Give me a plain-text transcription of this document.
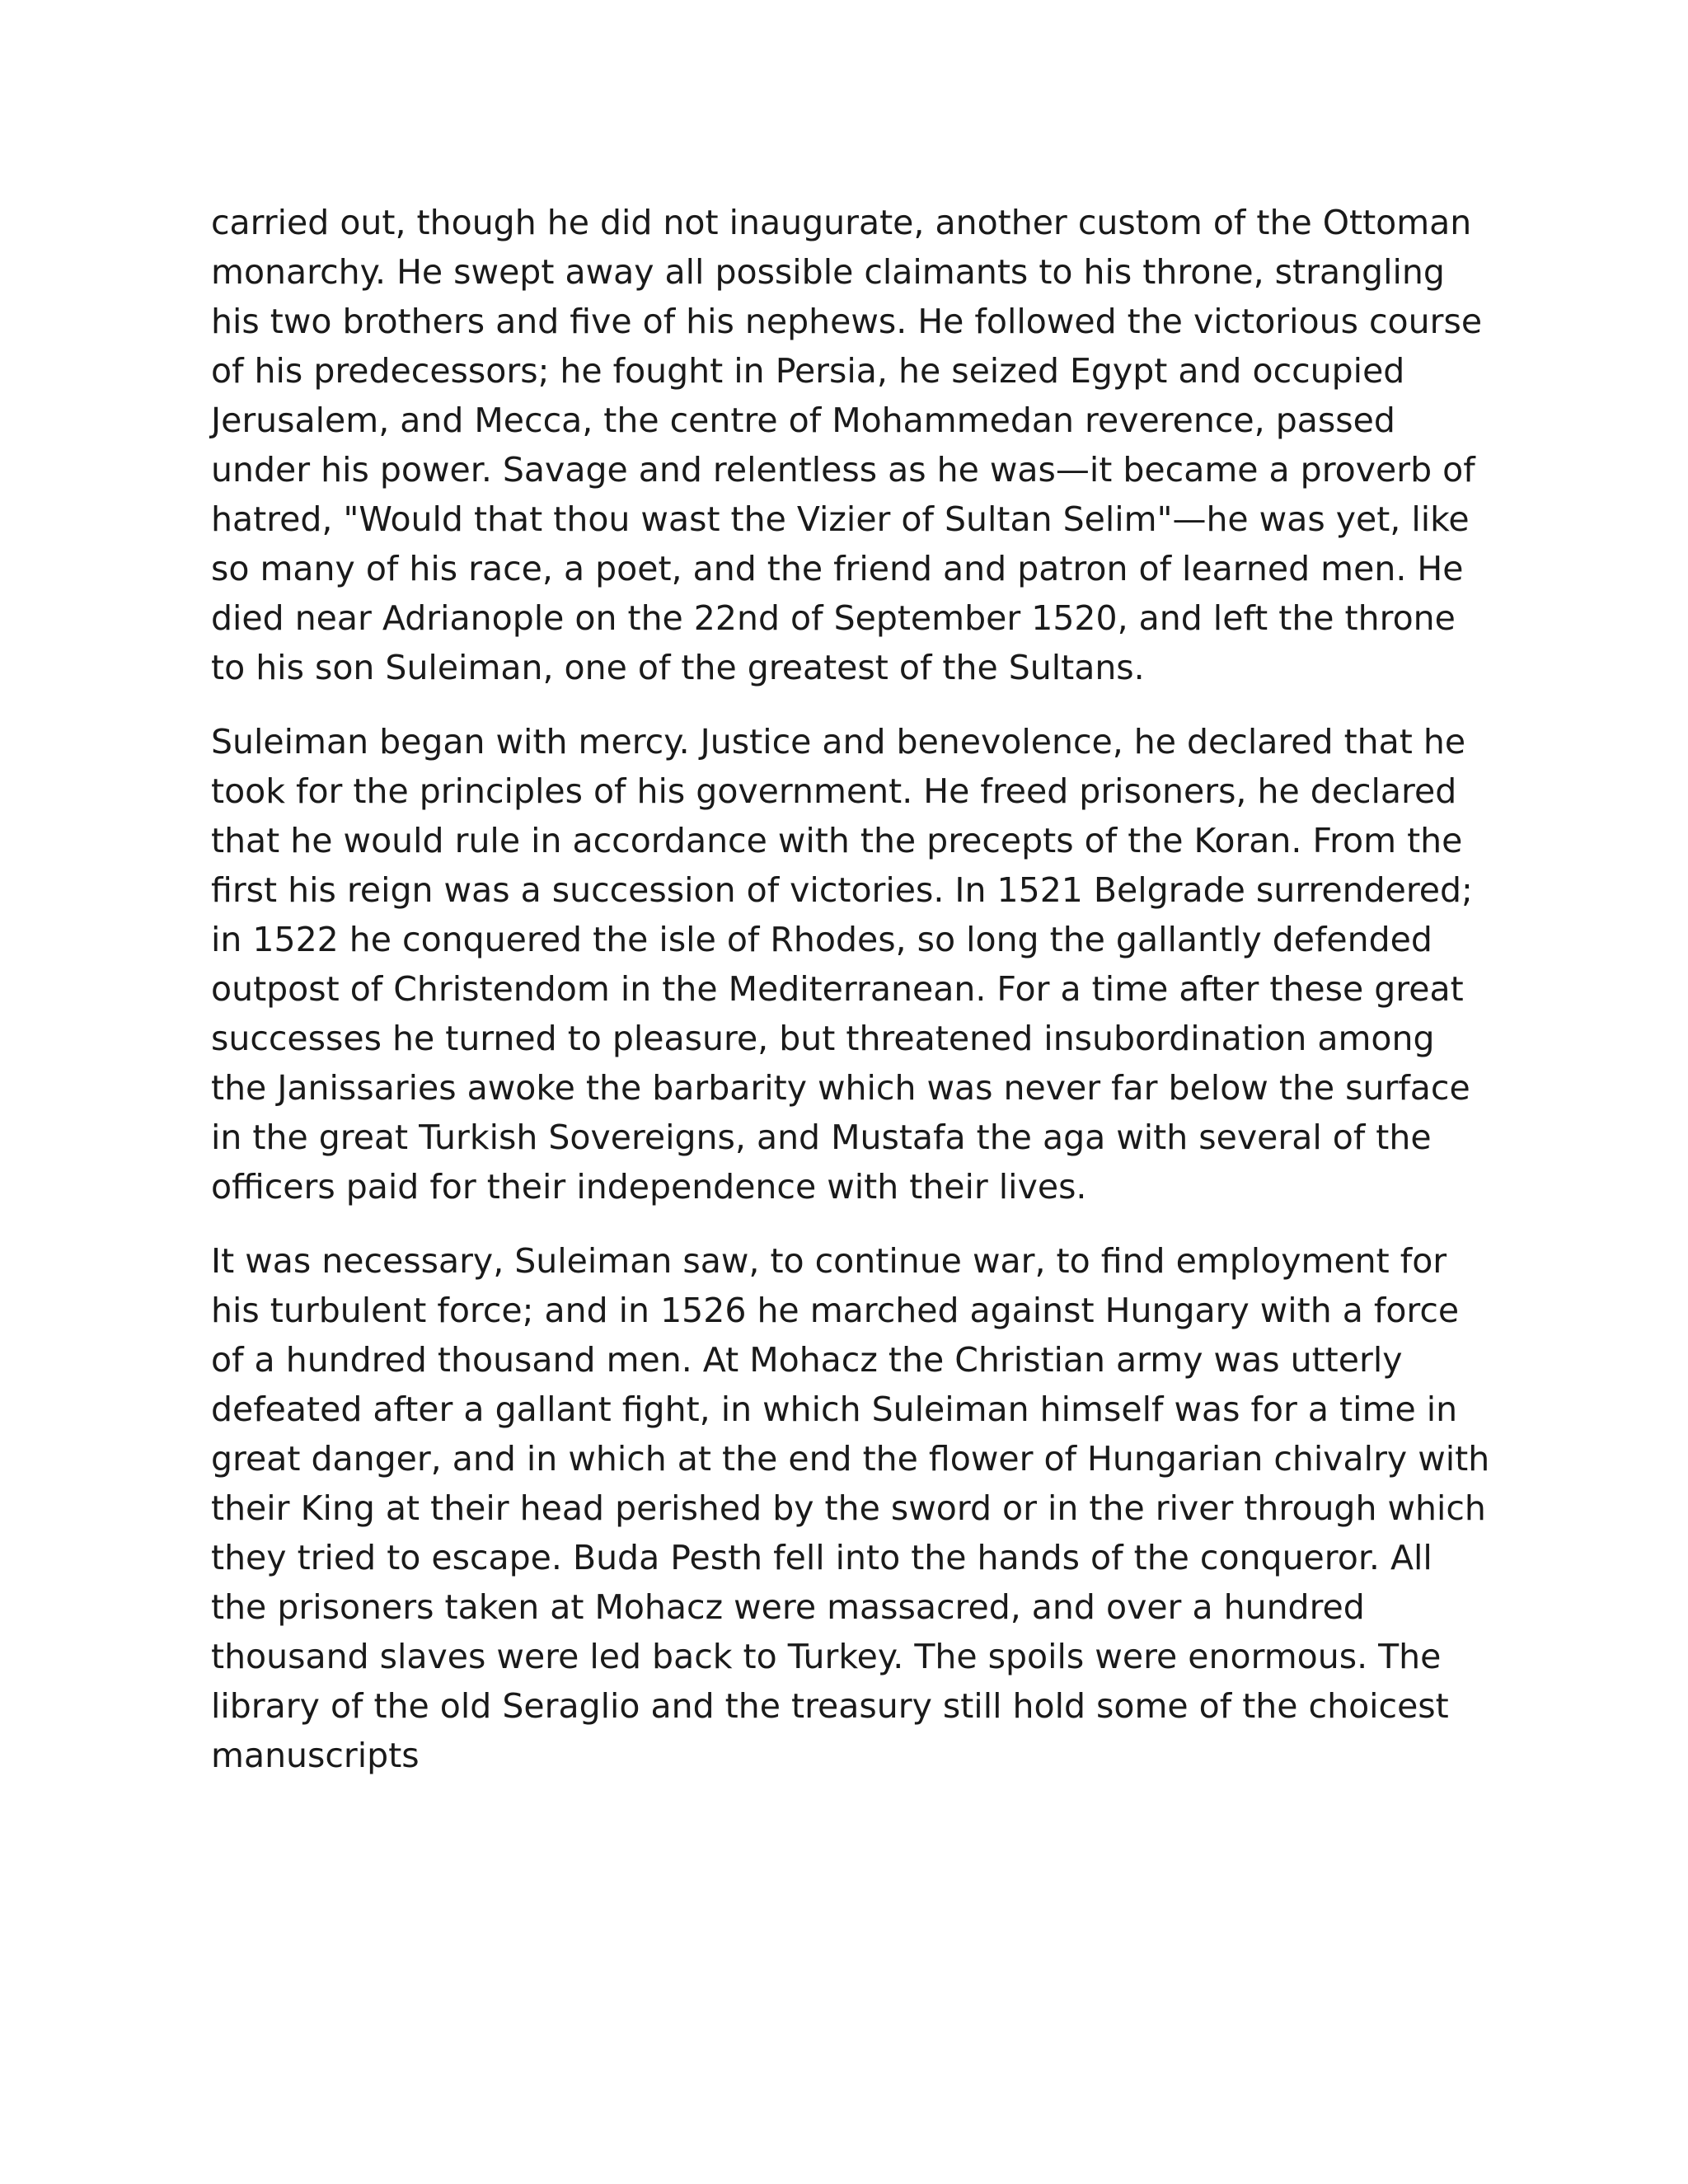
carried out, though he did not inaugurate, another custom of the Ottoman monarchy. He swept away all possible claimants to his throne, strangling his two brothers and five of his nephews. He followed the victorious course of his predecessors; he fought in Persia, he seized Egypt and occupied Jerusalem, and Mecca, the centre of Mohammedan reverence, passed under his power. Savage and relentless as he was—it became a proverb of hatred, "Would that thou wast the Vizier of Sultan Selim"—he was yet, like so many of his race, a poet, and the friend and patron of learned men. He died near Adrianople on the 22nd of September 1520, and left the throne to his son Suleiman, one of the greatest of the Sultans.

Suleiman began with mercy. Justice and benevolence, he declared that he took for the principles of his government. He freed prisoners, he declared that he would rule in accordance with the precepts of the Koran. From the first his reign was a succession of victories. In 1521 Belgrade surrendered; in 1522 he conquered the isle of Rhodes, so long the gallantly defended outpost of Christendom in the Mediterranean. For a time after these great successes he turned to pleasure, but threatened insubordination among the Janissaries awoke the barbarity which was never far below the surface in the great Turkish Sovereigns, and Mustafa the aga with several of the officers paid for their independence with their lives.

It was necessary, Suleiman saw, to continue war, to find employment for his turbulent force; and in 1526 he marched against Hungary with a force of a hundred thousand men. At Mohacz the Christian army was utterly defeated after a gallant fight, in which Suleiman himself was for a time in great danger, and in which at the end the flower of Hungarian chivalry with their King at their head perished by the sword or in the river through which they tried to escape. Buda Pesth fell into the hands of the conqueror. All the prisoners taken at Mohacz were massacred, and over a hundred thousand slaves were led back to Turkey. The spoils were enormous. The library of the old Seraglio and the treasury still hold some of the choicest manuscripts
